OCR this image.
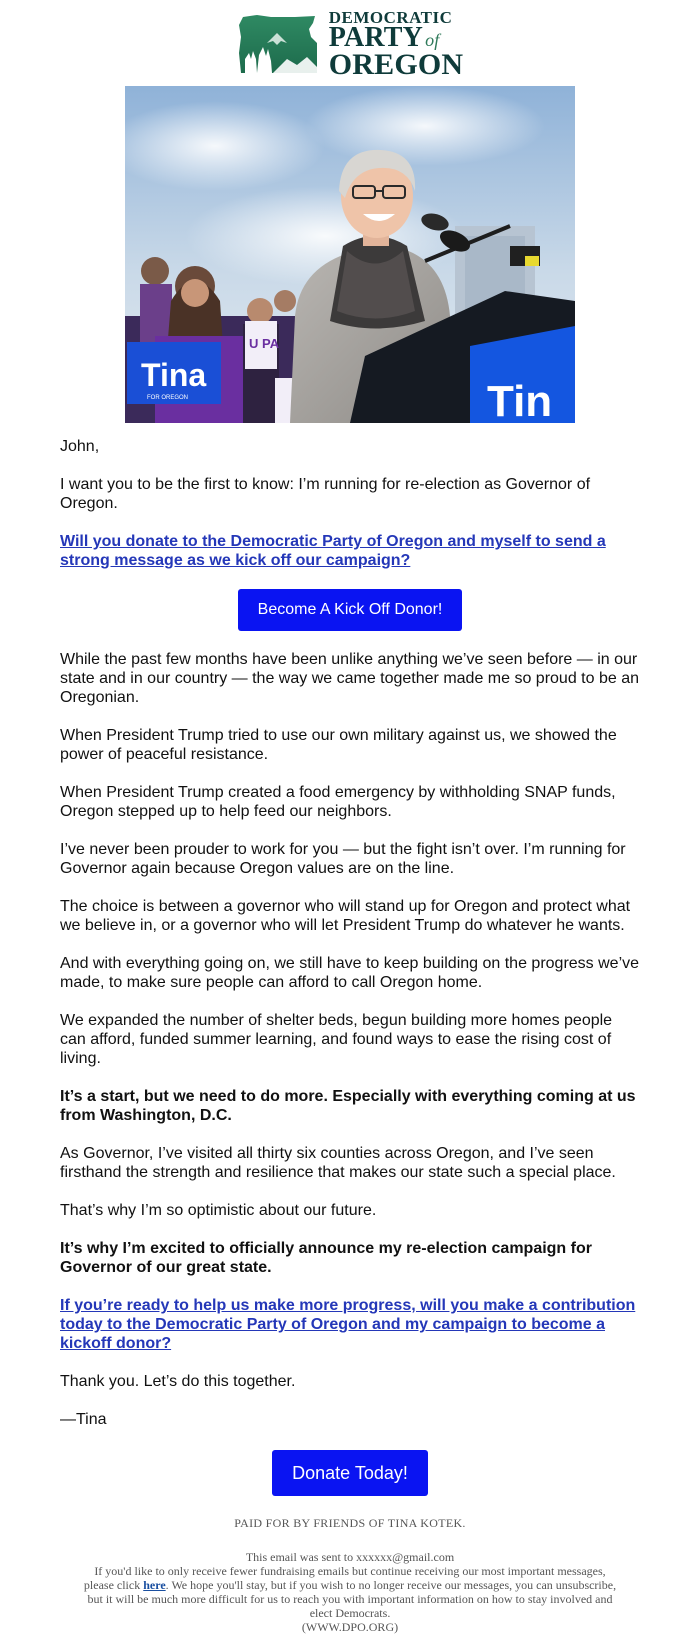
DEMOCRATIC
PARTY of
OREGON
Tina
FOR OREGON
U PA
Tin

John,

I want you to be the first to know: I’m running for re-election as Governor of Oregon.

Will you donate to the Democratic Party of Oregon and myself to send a strong message as we kick off our campaign?

Become A Kick Off Donor!

While the past few months have been unlike anything we’ve seen before — in our state and in our country — the way we came together made me so proud to be an Oregonian.

When President Trump tried to use our own military against us, we showed the power of peaceful resistance.

When President Trump created a food emergency by withholding SNAP funds, Oregon stepped up to help feed our neighbors.

I’ve never been prouder to work for you — but the fight isn’t over. I’m running for Governor again because Oregon values are on the line.

The choice is between a governor who will stand up for Oregon and protect what we believe in, or a governor who will let President Trump do whatever he wants.

And with everything going on, we still have to keep building on the progress we’ve made, to make sure people can afford to call Oregon home.

We expanded the number of shelter beds, begun building more homes people can afford, funded summer learning, and found ways to ease the rising cost of living.

It’s a start, but we need to do more. Especially with everything coming at us from Washington, D.C.

As Governor, I’ve visited all thirty six counties across Oregon, and I’ve seen firsthand the strength and resilience that makes our state such a special place.

That’s why I’m so optimistic about our future.

It’s why I’m excited to officially announce my re-election campaign for Governor of our great state.

If you’re ready to help us make more progress, will you make a contribution today to the Democratic Party of Oregon and my campaign to become a kickoff donor?

Thank you. Let’s do this together.

—Tina

Donate Today!
PAID FOR BY FRIENDS OF TINA KOTEK.
This email was sent to xxxxxx@gmail.com
If you'd like to only receive fewer fundraising emails but continue receiving our most important messages, please click here. We hope you'll stay, but if you wish to no longer receive our messages, you can unsubscribe, but it will be much more difficult for us to reach you with important information on how to stay involved and elect Democrats.
(WWW.DPO.ORG)
